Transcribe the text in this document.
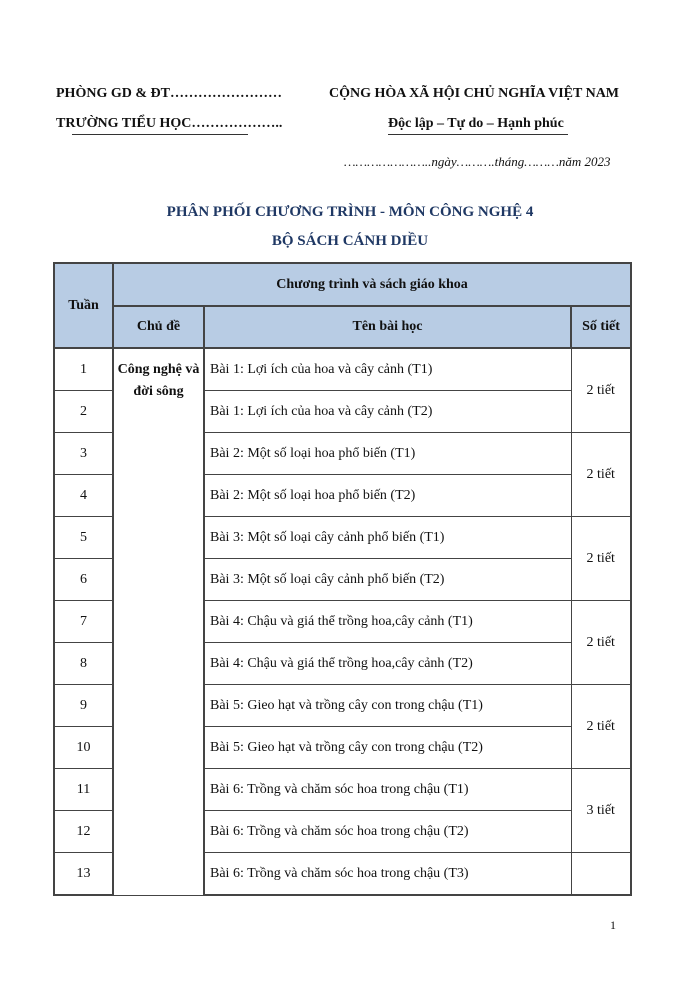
PHÒNG GD & ĐT……………………
TRƯỜNG TIỂU HỌC………………..
CỘNG HÒA XÃ HỘI CHỦ NGHĨA VIỆT NAM
Độc lập – Tự do – Hạnh phúc
…………………..ngày……….tháng………năm 2023
PHÂN PHỐI CHƯƠNG TRÌNH - MÔN CÔNG NGHỆ 4
BỘ SÁCH CÁNH DIỀU
Tuần	Chương trình và sách giáo khoa		
	Chủ đề	Tên bài học	Số tiết
1	Công nghệ và đời sông	Bài 1: Lợi ích của hoa và cây cảnh (T1)	2 tiết
2		Bài 1: Lợi ích của hoa và cây cảnh (T2)	
3		Bài 2: Một số loại hoa phổ biến (T1)	2 tiết
4		Bài 2: Một số loại hoa phổ biến (T2)	
5		Bài 3: Một số loại cây cảnh phổ biến (T1)	2 tiết
6		Bài 3: Một số loại cây cảnh phổ biến (T2)	
7		Bài 4: Chậu và giá thể trồng hoa,cây cảnh (T1)	2 tiết
8		Bài 4: Chậu và giá thể trồng hoa,cây cảnh (T2)	
9		Bài 5: Gieo hạt và trồng cây con trong chậu (T1)	2 tiết
10		Bài 5: Gieo hạt và trồng cây con trong chậu (T2)	
11		Bài 6: Trồng và chăm sóc hoa trong chậu (T1)	3 tiết
12		Bài 6: Trồng và chăm sóc hoa trong chậu (T2)	
13		Bài 6: Trồng và chăm sóc hoa trong chậu (T3)	
1
